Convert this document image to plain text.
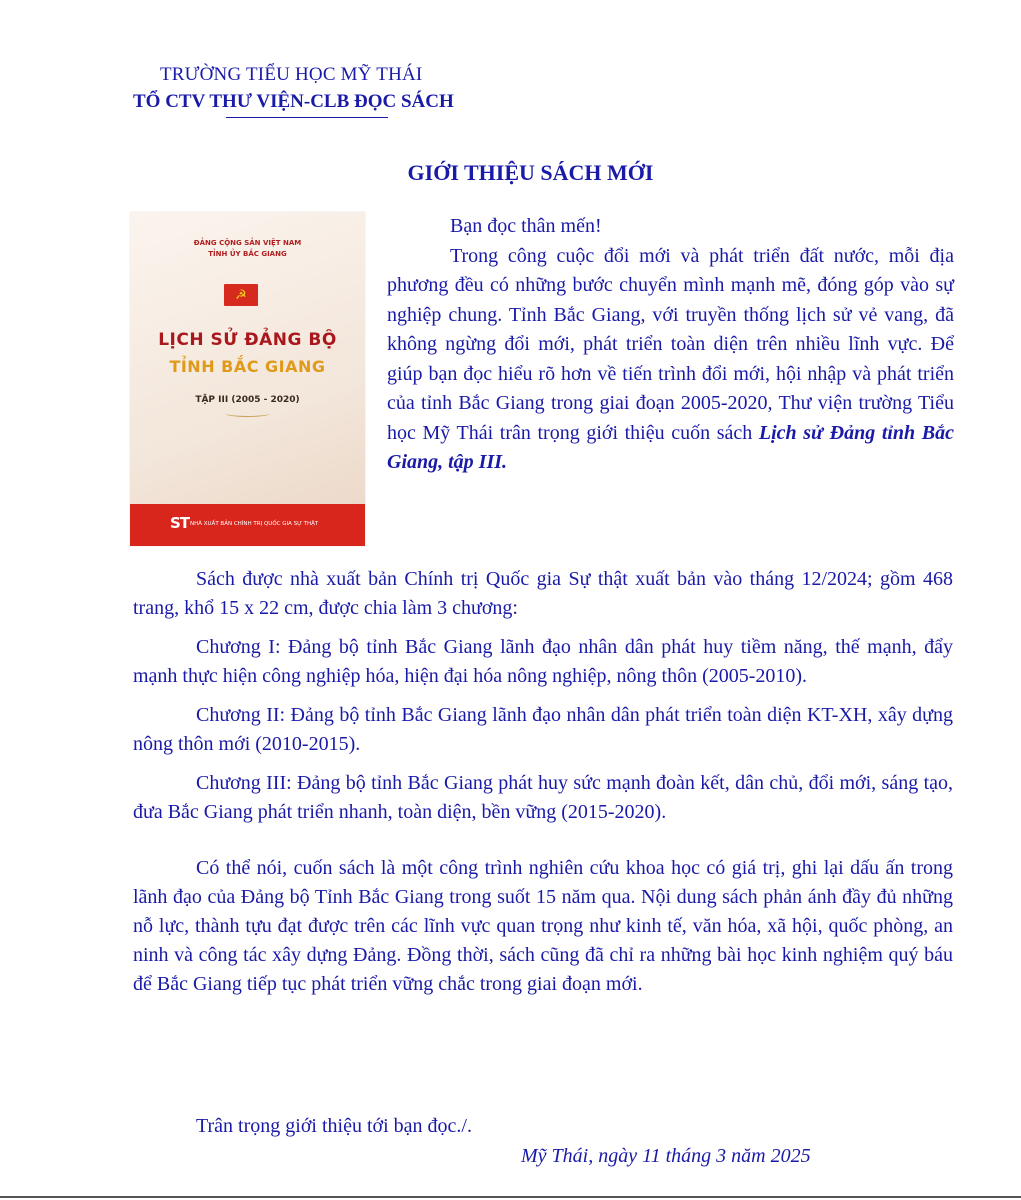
TRƯỜNG TIỂU HỌC MỸ THÁI
TỔ CTV THƯ VIỆN-CLB ĐỌC SÁCH
GIỚI THIỆU SÁCH MỚI
ĐẢNG CỘNG SẢN VIỆT NAM
TỈNH ỦY BẮC GIANG
☭
LỊCH SỬ ĐẢNG BỘ
TỈNH BẮC GIANG
TẬP III (2005 - 2020)
ST NHÀ XUẤT BẢN CHÍNH TRỊ QUỐC GIA SỰ THẬT

Bạn đọc thân mến!

Trong công cuộc đổi mới và phát triển đất nước, mỗi địa phương đều có những bước chuyển mình mạnh mẽ, đóng góp vào sự nghiệp chung. Tỉnh Bắc Giang, với truyền thống lịch sử vẻ vang, đã không ngừng đổi mới, phát triển toàn diện trên nhiều lĩnh vực. Để giúp bạn đọc hiểu rõ hơn về tiến trình đổi mới, hội nhập và phát triển của tỉnh Bắc Giang trong giai đoạn 2005-2020, Thư viện trường Tiểu học Mỹ Thái trân trọng giới thiệu cuốn sách Lịch sử Đảng tỉnh Bắc Giang, tập III.

Sách được nhà xuất bản Chính trị Quốc gia Sự thật xuất bản vào tháng 12/2024; gồm 468 trang, khổ 15 x 22 cm, được chia làm 3 chương:

Chương I: Đảng bộ tỉnh Bắc Giang lãnh đạo nhân dân phát huy tiềm năng, thế mạnh, đẩy mạnh thực hiện công nghiệp hóa, hiện đại hóa nông nghiệp, nông thôn (2005-2010).

Chương II: Đảng bộ tỉnh Bắc Giang lãnh đạo nhân dân phát triển toàn diện KT-XH, xây dựng nông thôn mới (2010-2015).

Chương III: Đảng bộ tỉnh Bắc Giang phát huy sức mạnh đoàn kết, dân chủ, đổi mới, sáng tạo, đưa Bắc Giang phát triển nhanh, toàn diện, bền vững (2015-2020).

Có thể nói, cuốn sách là một công trình nghiên cứu khoa học có giá trị, ghi lại dấu ấn trong lãnh đạo của Đảng bộ Tỉnh Bắc Giang trong suốt 15 năm qua. Nội dung sách phản ánh đầy đủ những nỗ lực, thành tựu đạt được trên các lĩnh vực quan trọng như kinh tế, văn hóa, xã hội, quốc phòng, an ninh và công tác xây dựng Đảng. Đồng thời, sách cũng đã chỉ ra những bài học kinh nghiệm quý báu để Bắc Giang tiếp tục phát triển vững chắc trong giai đoạn mới.

Trân trọng giới thiệu tới bạn đọc./.
Mỹ Thái, ngày 11 tháng 3 năm 2025
